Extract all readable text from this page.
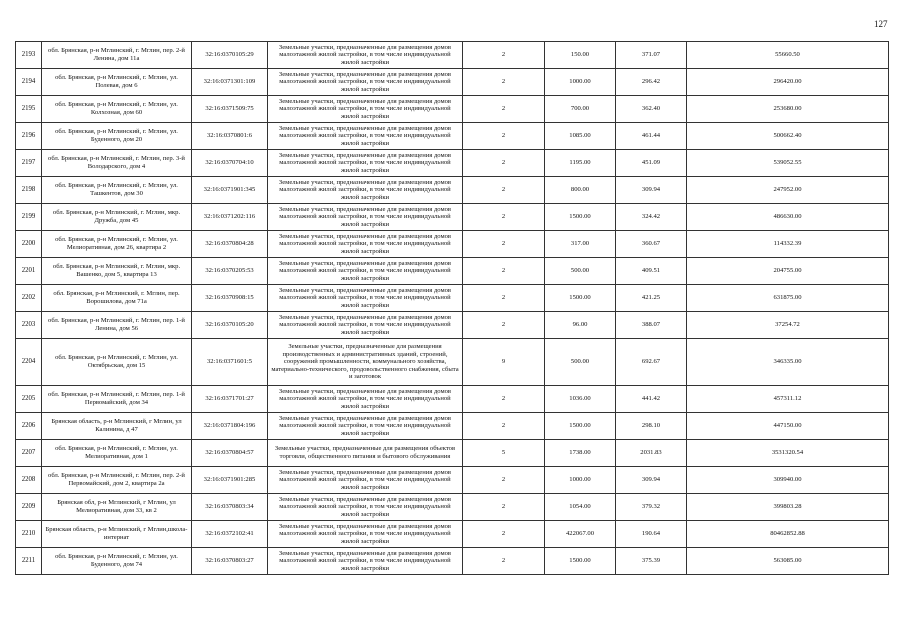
127
2193	обл. Брянская, р-н Мглинский, г. Мглин, пер. 2-й Ленина, дом 11а	32:16:0370105:29	Земельные участки, предназначенные для размещения домов малоэтажной жилой застройки, в том числе индивидуальной жилой застройки	2	150.00	371.07	55660.50
2194	обл. Брянская, р-н Мглинский, г. Мглин, ул. Полевая, дом 6	32:16:0371301:109	Земельные участки, предназначенные для размещения домов малоэтажной жилой застройки, в том числе индивидуальной жилой застройки	2	1000.00	296.42	296420.00
2195	обл. Брянская, р-н Мглинский, г. Мглин, ул. Колхозная, дом 60	32:16:0371509:75	Земельные участки, предназначенные для размещения домов малоэтажной жилой застройки, в том числе индивидуальной жилой застройки	2	700.00	362.40	253680.00
2196	обл. Брянская, р-н Мглинский, г. Мглин, ул. Буденного, дом 20	32:16:0370801:6	Земельные участки, предназначенные для размещения домов малоэтажной жилой застройки, в том числе индивидуальной жилой застройки	2	1085.00	461.44	500662.40
2197	обл. Брянская, р-н Мглинский, г. Мглин, пер. 3-й Володарского, дом 4	32:16:0370704:10	Земельные участки, предназначенные для размещения домов малоэтажной жилой застройки, в том числе индивидуальной жилой застройки	2	1195.00	451.09	539052.55
2198	обл. Брянская, р-н Мглинский, г. Мглин, ул. Ташкентов, дом 30	32:16:0371901:345	Земельные участки, предназначенные для размещения домов малоэтажной жилой застройки, в том числе индивидуальной жилой застройки	2	800.00	309.94	247952.00
2199	обл. Брянская, р-н Мглинский, г. Мглин, мкр. Дружба, дом 45	32:16:0371202:116	Земельные участки, предназначенные для размещения домов малоэтажной жилой застройки, в том числе индивидуальной жилой застройки	2	1500.00	324.42	486630.00
2200	обл. Брянская, р-н Мглинский, г. Мглин, ул. Мелиоративная, дом 26, квартира 2	32:16:0370804:28	Земельные участки, предназначенные для размещения домов малоэтажной жилой застройки, в том числе индивидуальной жилой застройки	2	317.00	360.67	114332.39
2201	обл. Брянская, р-н Мглинский, г. Мглин, мкр. Вашенко, дом 5, квартира 13	32:16:0370205:53	Земельные участки, предназначенные для размещения домов малоэтажной жилой застройки, в том числе индивидуальной жилой застройки	2	500.00	409.51	204755.00
2202	обл. Брянская, р-н Мглинский, г. Мглин, пер. Ворошилова, дом 71а	32:16:0370908:15	Земельные участки, предназначенные для размещения домов малоэтажной жилой застройки, в том числе индивидуальной жилой застройки	2	1500.00	421.25	631875.00
2203	обл. Брянская, р-н Мглинский, г. Мглин, пер. 1-й Ленина, дом 56	32:16:0370105:20	Земельные участки, предназначенные для размещения домов малоэтажной жилой застройки, в том числе индивидуальной жилой застройки	2	96.00	388.07	37254.72
2204	обл. Брянская, р-н Мглинский, г. Мглин, ул. Октябрьская, дом 15	32:16:0371601:5	Земельные участки, предназначенные для размещения производственных и административных зданий, строений, сооружений промышленности, коммунального хозяйства, материально-технического, продовольственного снабжения, сбыта и заготовок	9	500.00	692.67	346335.00
2205	обл. Брянская, р-н Мглинский, г. Мглин, пер. 1-й Первомайский, дом 34	32:16:0371701:27	Земельные участки, предназначенные для размещения домов малоэтажной жилой застройки, в том числе индивидуальной жилой застройки	2	1036.00	441.42	457311.12
2206	Брянская область, р-н Мглинский, г Мглин, ул Калинина, д 47	32:16:0371804:196	Земельные участки, предназначенные для размещения домов малоэтажной жилой застройки, в том числе индивидуальной жилой застройки	2	1500.00	298.10	447150.00
2207	обл. Брянская, р-н Мглинский, г. Мглин, ул. Мелиоративная, дом 1	32:16:0370804:57	Земельные участки, предназначенные для размещения объектов торговли, общественного питания и бытового обслуживания	5	1738.00	2031.83	3531320.54
2208	обл. Брянская, р-н Мглинский, г. Мглин, пер. 2-й Первомайский, дом 2, квартира 2а	32:16:0371901:285	Земельные участки, предназначенные для размещения домов малоэтажной жилой застройки, в том числе индивидуальной жилой застройки	2	1000.00	309.94	309940.00
2209	Брянская обл, р-н Мглинский, г Мглин, ул Мелиоративная, дом 33, кв 2	32:16:0370803:34	Земельные участки, предназначенные для размещения домов малоэтажной жилой застройки, в том числе индивидуальной жилой застройки	2	1054.00	379.32	399803.28
2210	Брянская область, р-н Мглинский, г Мглин,школа-интернат	32:16:0372102:41	Земельные участки, предназначенные для размещения домов малоэтажной жилой застройки, в том числе индивидуальной жилой застройки	2	422067.00	190.64	80462852.88
2211	обл. Брянская, р-н Мглинский, г. Мглин, ул. Буденного, дом 74	32:16:0370803:27	Земельные участки, предназначенные для размещения домов малоэтажной жилой застройки, в том числе индивидуальной жилой застройки	2	1500.00	375.39	563085.00
